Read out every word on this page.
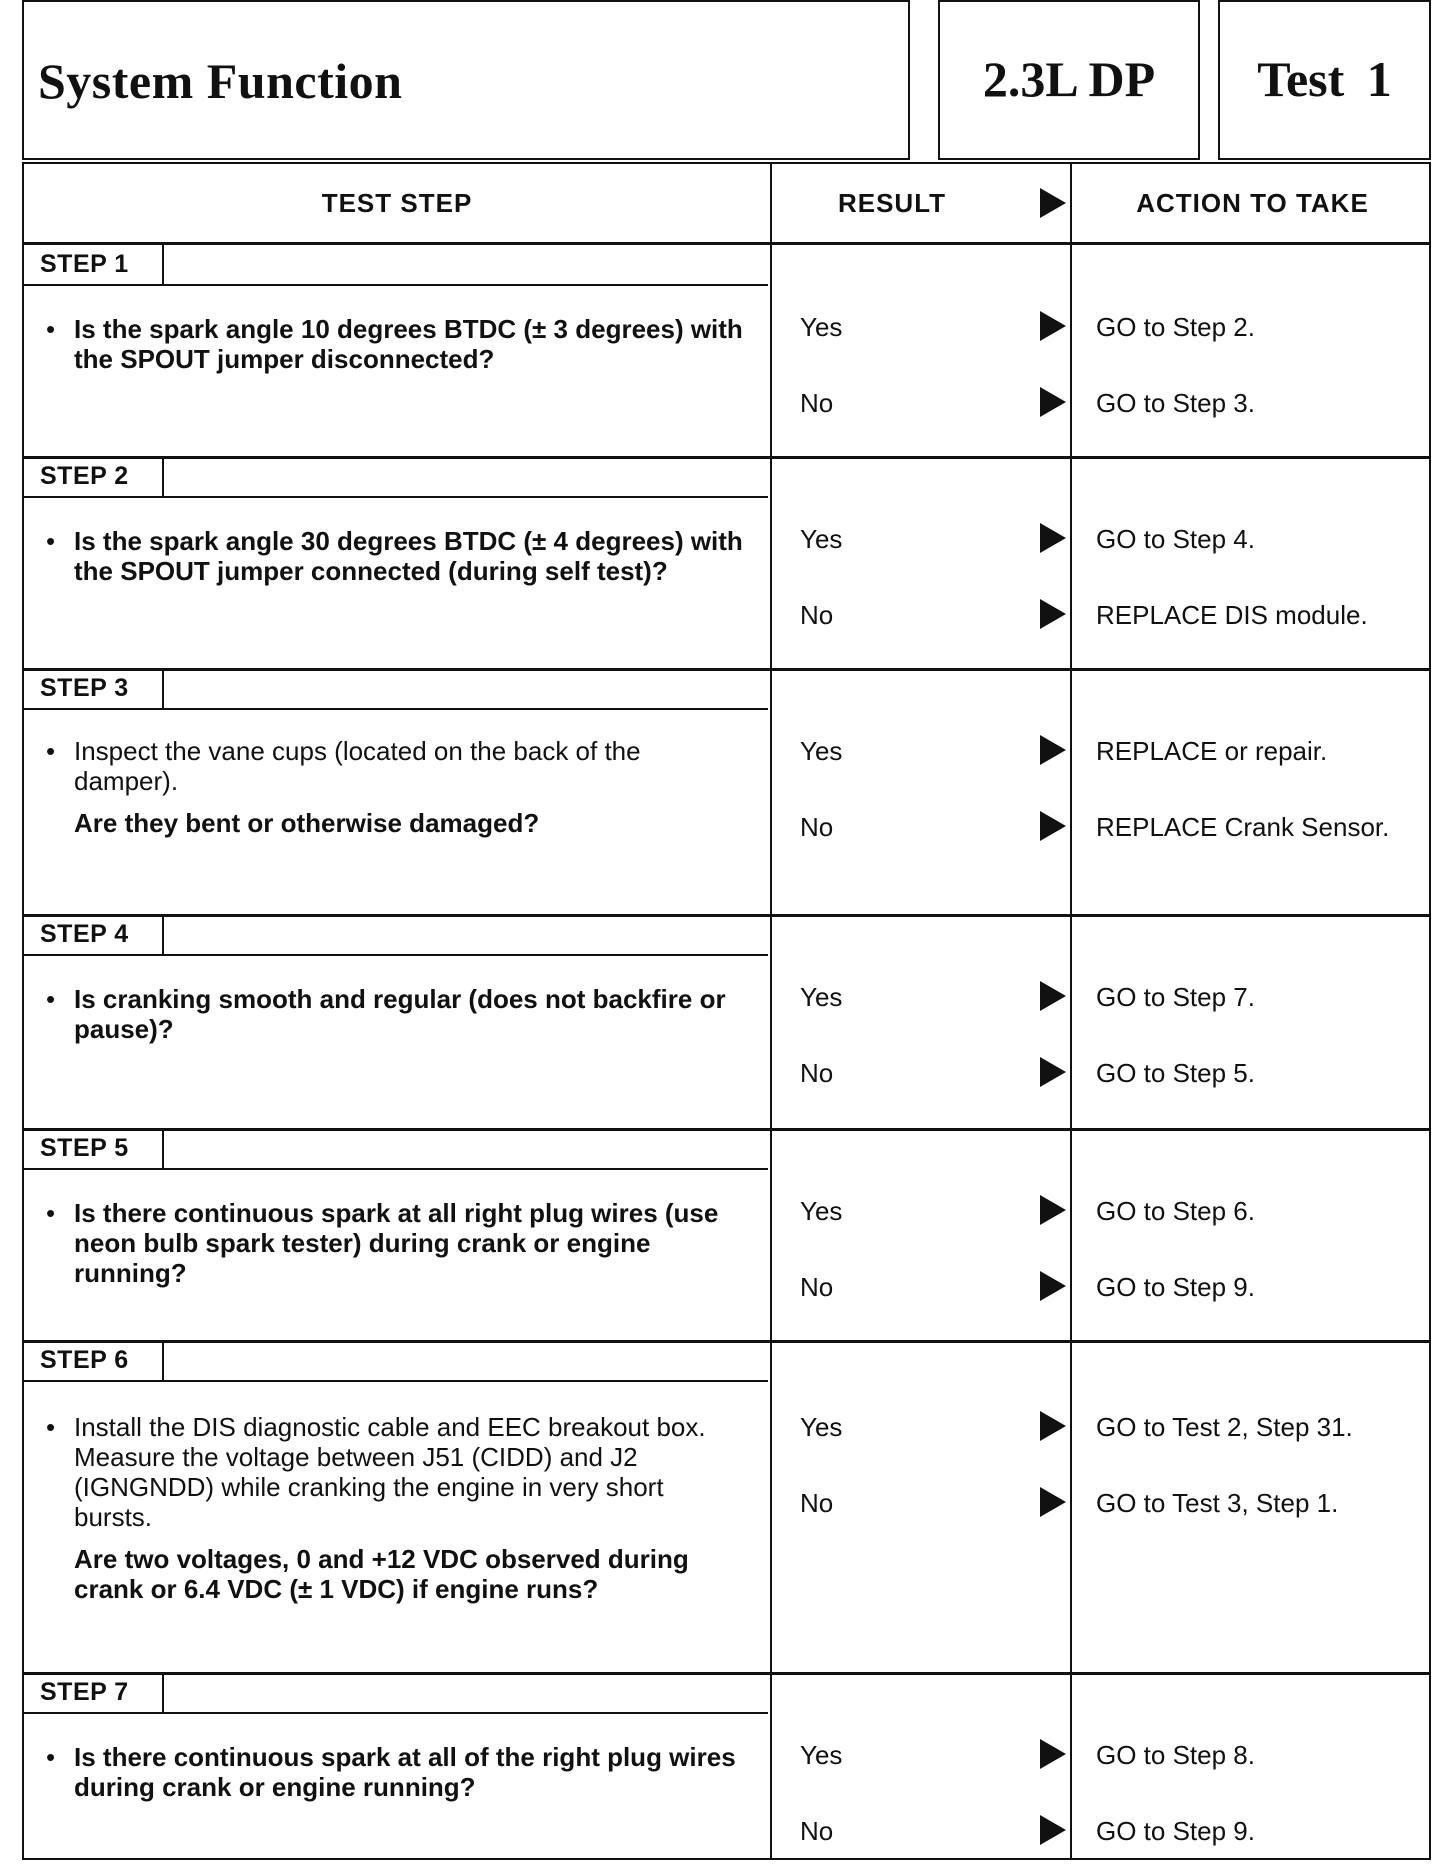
System Function	2.3L DP	Test 1
TEST STEP	RESULT	ACTION TO TAKE
STEP 1
• Is the spark angle 10 degrees BTDC (± 3 degrees) with the SPOUT jumper disconnected?
Yes	GO to Step 2.
No	GO to Step 3.
STEP 2
• Is the spark angle 30 degrees BTDC (± 4 degrees) with the SPOUT jumper connected (during self test)?
Yes	GO to Step 4.
No	REPLACE DIS module.
STEP 3
• Inspect the vane cups (located on the back of the damper).
Are they bent or otherwise damaged?
Yes	REPLACE or repair.
No	REPLACE Crank Sensor.
STEP 4
• Is cranking smooth and regular (does not backfire or pause)?
Yes	GO to Step 7.
No	GO to Step 5.
STEP 5
• Is there continuous spark at all right plug wires (use neon bulb spark tester) during crank or engine running?
Yes	GO to Step 6.
No	GO to Step 9.
STEP 6
• Install the DIS diagnostic cable and EEC breakout box. Measure the voltage between J51 (CIDD) and J2 (IGNGNDD) while cranking the engine in very short bursts.
Are two voltages, 0 and +12 VDC observed during crank or 6.4 VDC (± 1 VDC) if engine runs?
Yes	GO to Test 2, Step 31.
No	GO to Test 3, Step 1.
STEP 7
• Is there continuous spark at all of the right plug wires during crank or engine running?
Yes	GO to Step 8.
No	GO to Step 9.
